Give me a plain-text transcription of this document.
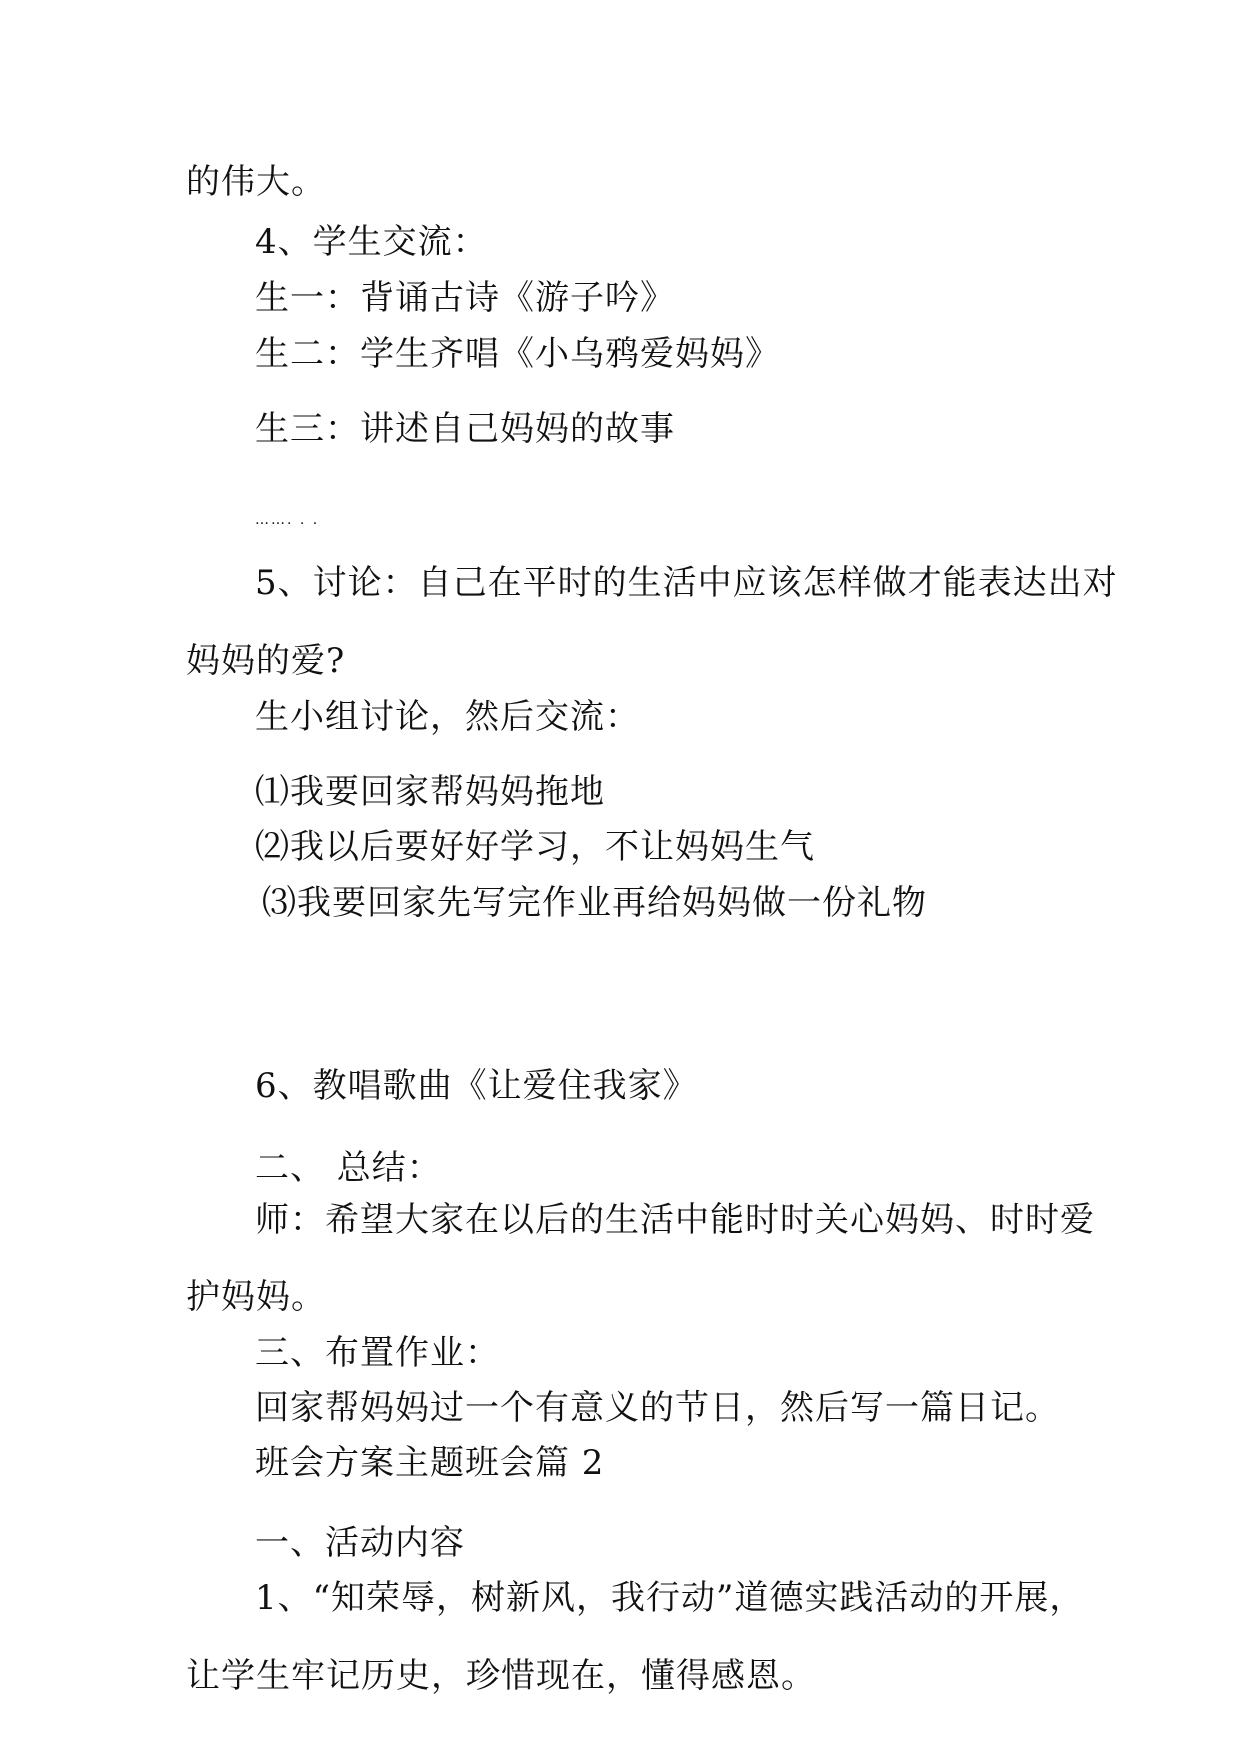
的伟大。
4、学生交流：
生一：背诵古诗《游子吟》
生二：学生齐唱《小乌鸦爱妈妈》
生三：讲述自己妈妈的故事
……. . .
5、讨论：自己在平时的生活中应该怎样做才能表达出对
妈妈的爱?
生小组讨论，然后交流：
⑴我要回家帮妈妈拖地
⑵我以后要好好学习，不让妈妈生气
⑶我要回家先写完作业再给妈妈做一份礼物
6、教唱歌曲《让爱住我家》
二、 总结：
师：希望大家在以后的生活中能时时关心妈妈、时时爱
护妈妈。
三、布置作业：
回家帮妈妈过一个有意义的节日，然后写一篇日记。
班会方案主题班会篇 2
一、活动内容
1、“知荣辱，树新风，我行动”道德实践活动的开展，
让学生牢记历史，珍惜现在，懂得感恩。
